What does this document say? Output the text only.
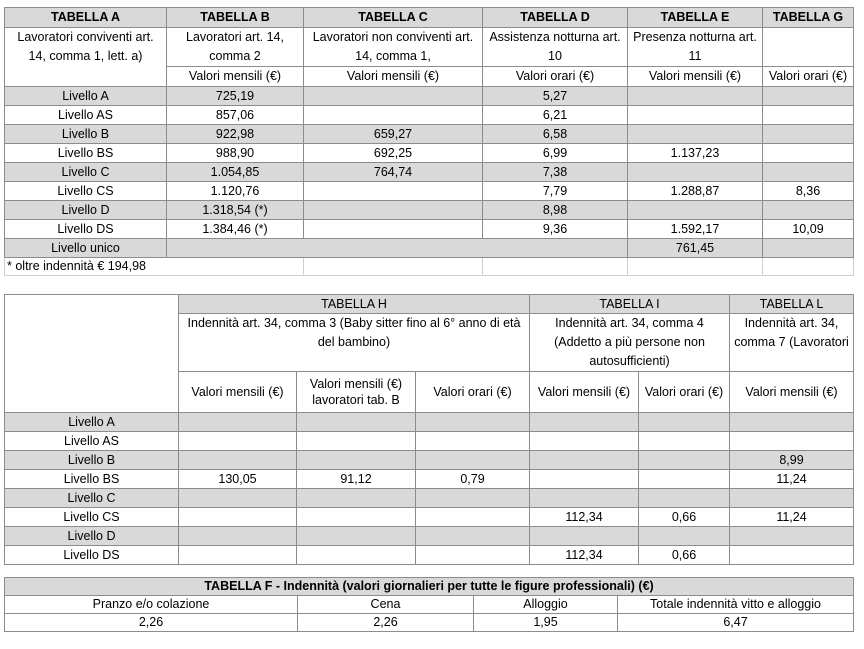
TABELLA A	TABELLA B	TABELLA C	TABELLA D	TABELLA E	TABELLA G
Lavoratori conviventi art. 14, comma 1, lett. a)	Lavoratori art. 14, comma 2	Lavoratori non conviventi art. 14, comma 1,	Assistenza notturna art. 10	Presenza notturna art. 11	
	Valori mensili (€)	Valori mensili (€)	Valori orari (€)	Valori mensili (€)	Valori orari (€)
Livello A	725,19		5,27		
Livello AS	857,06		6,21		
Livello B	922,98	659,27	6,58		
Livello BS	988,90	692,25	6,99	1.137,23	
Livello C	1.054,85	764,74	7,38		
Livello CS	1.120,76		7,79	1.288,87	8,36
Livello D	1.318,54 (*)		8,98		
Livello DS	1.384,46 (*)		9,36	1.592,17	10,09
Livello unico				761,45	
* oltre indennità € 194,98					
	TABELLA H			TABELLA I		TABELLA L
	Indennità art. 34, comma 3 (Baby sitter fino al 6° anno di età del bambino)			Indennità art. 34, comma 4 (Addetto a più persone non autosufficienti)		Indennità art. 34, comma 7 (Lavoratori
	Valori mensili (€)	Valori mensili (€) lavoratori tab. B	Valori orari (€)	Valori mensili (€)	Valori orari (€)	Valori mensili (€)

Livello A						
Livello AS						
Livello B						8,99
Livello BS	130,05	91,12	0,79			11,24
Livello C						
Livello CS				112,34	0,66	11,24
Livello D						
Livello DS				112,34	0,66	
TABELLA F - Indennità (valori giornalieri per tutte le figure professionali) (€)			
Pranzo e/o colazione	Cena	Alloggio	Totale indennità vitto e alloggio
2,26	2,26	1,95	6,47
